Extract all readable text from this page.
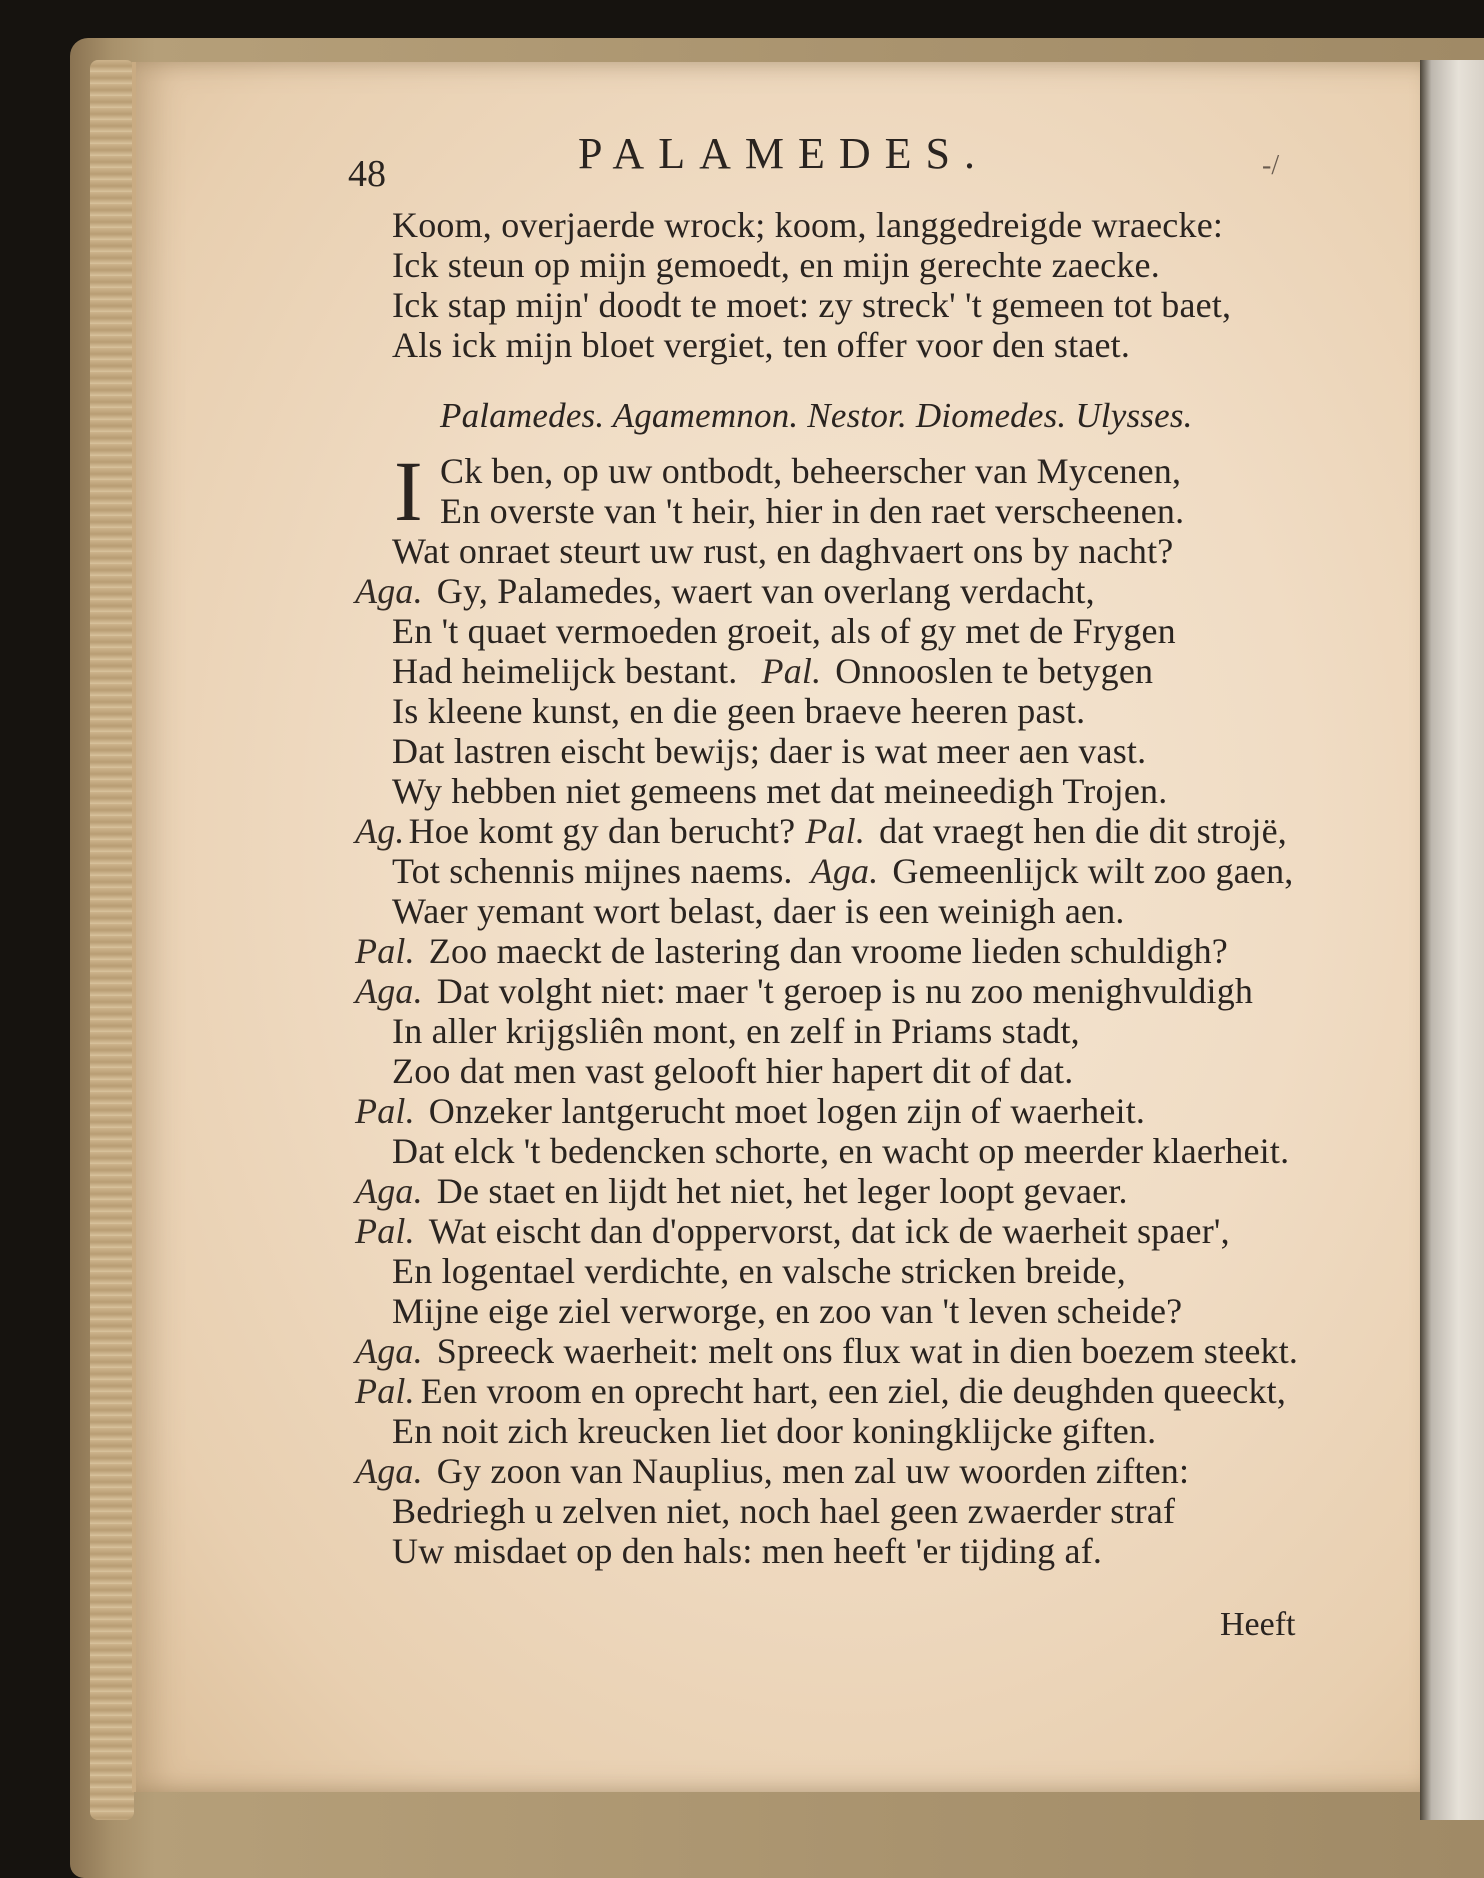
48	PALAMEDES.	-/
Koom, overjaerde wrock; koom, langgedreigde wraecke:
Ick steun op mijn gemoedt, en mijn gerechte zaecke.
Ick stap mijn' doodt te moet: zy streck' 't gemeen tot baet,
Als ick mijn bloet vergiet, ten offer voor den staet.
Palamedes. Agamemnon. Nestor. Diomedes. Ulysses.
I Ck ben, op uw ontbodt, beheerscher van Mycenen,
En overste van 't heir, hier in den raet verscheenen.
Wat onraet steurt uw rust, en daghvaert ons by nacht?
Aga. Gy, Palamedes, waert van overlang verdacht,
En 't quaet vermoeden groeit, als of gy met de Frygen
Had heimelijck bestant. Pal. Onnooslen te betygen
Is kleene kunst, en die geen braeve heeren past.
Dat lastren eischt bewijs; daer is wat meer aen vast.
Wy hebben niet gemeens met dat meineedigh Trojen.
Ag. Hoe komt gy dan berucht? Pal. dat vraegt hen die dit strojë,
Tot schennis mijnes naems. Aga. Gemeenlijck wilt zoo gaen,
Waer yemant wort belast, daer is een weinigh aen.
Pal. Zoo maeckt de lastering dan vroome lieden schuldigh?
Aga. Dat volght niet: maer 't geroep is nu zoo menighvuldigh
In aller krijgsliên mont, en zelf in Priams stadt,
Zoo dat men vast gelooft hier hapert dit of dat.
Pal. Onzeker lantgerucht moet logen zijn of waerheit.
Dat elck 't bedencken schorte, en wacht op meerder klaerheit.
Aga. De staet en lijdt het niet, het leger loopt gevaer.
Pal. Wat eischt dan d'oppervorst, dat ick de waerheit spaer',
En logentael verdichte, en valsche stricken breide,
Mijne eige ziel verworge, en zoo van 't leven scheide?
Aga. Spreeck waerheit: melt ons flux wat in dien boezem steekt.
Pal. Een vroom en oprecht hart, een ziel, die deughden queeckt,
En noit zich kreucken liet door koningklijcke giften.
Aga. Gy zoon van Nauplius, men zal uw woorden ziften:
Bedriegh u zelven niet, noch hael geen zwaerder straf
Uw misdaet op den hals: men heeft 'er tijding af.
Heeft
